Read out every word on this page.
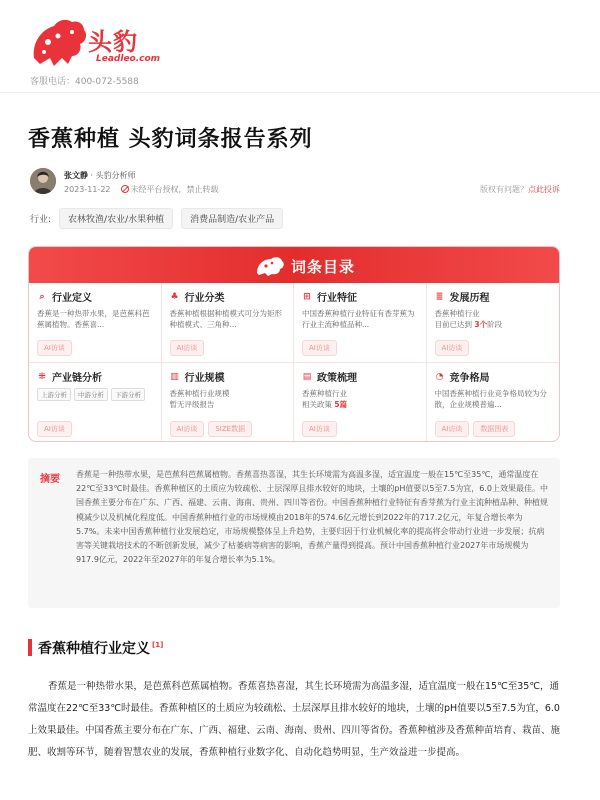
头豹
Leadleo.com
客服电话：400-072-5588
香蕉种植 头豹词条报告系列
张文静 · 头豹分析师
2023-11-22	未经平台授权，禁止转载	版权有问题？点此投诉
行业:	农林牧渔/农业/水果种植	消费品制造/农业产品
词条目录
⌕ 行业定义
香蕉是一种热带水果，是芭蕉科芭蕉属植物。香蕉喜...
AI访谈
♣ 行业分类
香蕉种植根据种植模式可分为矩形种植模式、三角种...
AI访谈
⊞ 行业特征
中国香蕉种植行业特征有香芽蕉为行业主流种植品种...
AI访谈
≣ 发展历程
香蕉种植行业
目前已达到 3个阶段
AI访谈
⁜ 产业链分析
上游分析	中游分析	下游分析
AI访谈
▥ 行业规模
香蕉种植行业规模
暂无评级报告
AI访谈	SIZE数据
▤ 政策梳理
香蕉种植行业
相关政策 5篇
AI访谈
◔ 竞争格局
中国香蕉种植行业竞争格局较为分散，企业规模普遍...
AI访谈	数据图表
摘要 香蕉是一种热带水果，是芭蕉科芭蕉属植物。香蕉喜热喜湿，其生长环境需为高温多湿，适宜温度一般在15℃至35℃，通常温度在22℃至33℃时最佳。香蕉种植区的土质应为较疏松、土层深厚且排水较好的地块，土壤的pH值要以5至7.5为宜，6.0上效果最佳。中国香蕉主要分布在广东、广西、福建、云南、海南、贵州、四川等省份。中国香蕉种植行业特征有香芽蕉为行业主流种植品种、种植规模减少以及机械化程度低。中国香蕉种植行业的市场规模由2018年的574.6亿元增长到2022年的717.2亿元，年复合增长率为5.7%。未来中国香蕉种植行业发展趋定，市场规模整体呈上升趋势，主要归因于行业机械化率的提高将会带动行业进一步发展；抗病害等关键栽培技术的不断创新发展，减少了枯萎病等病害的影响，香蕉产量得到提高。预计中国香蕉种植行业2027年市场规模为917.9亿元，2022年至2027年的年复合增长率为5.1%。

香蕉种植行业定义 [1]

香蕉是一种热带水果，是芭蕉科芭蕉属植物。香蕉喜热喜湿，其生长环境需为高温多湿，适宜温度一般在15℃至35℃，通常温度在22℃至33℃时最佳。香蕉种植区的土质应为较疏松、土层深厚且排水较好的地块，土壤的pH值要以5至7.5为宜，6.0上效果最佳。中国香蕉主要分布在广东、广西、福建、云南、海南、贵州、四川等省份。香蕉种植涉及香蕉种苗培育、栽苗、施肥、收割等环节，随着智慧农业的发展，香蕉种植行业数字化、自动化趋势明显，生产效益进一步提高。
